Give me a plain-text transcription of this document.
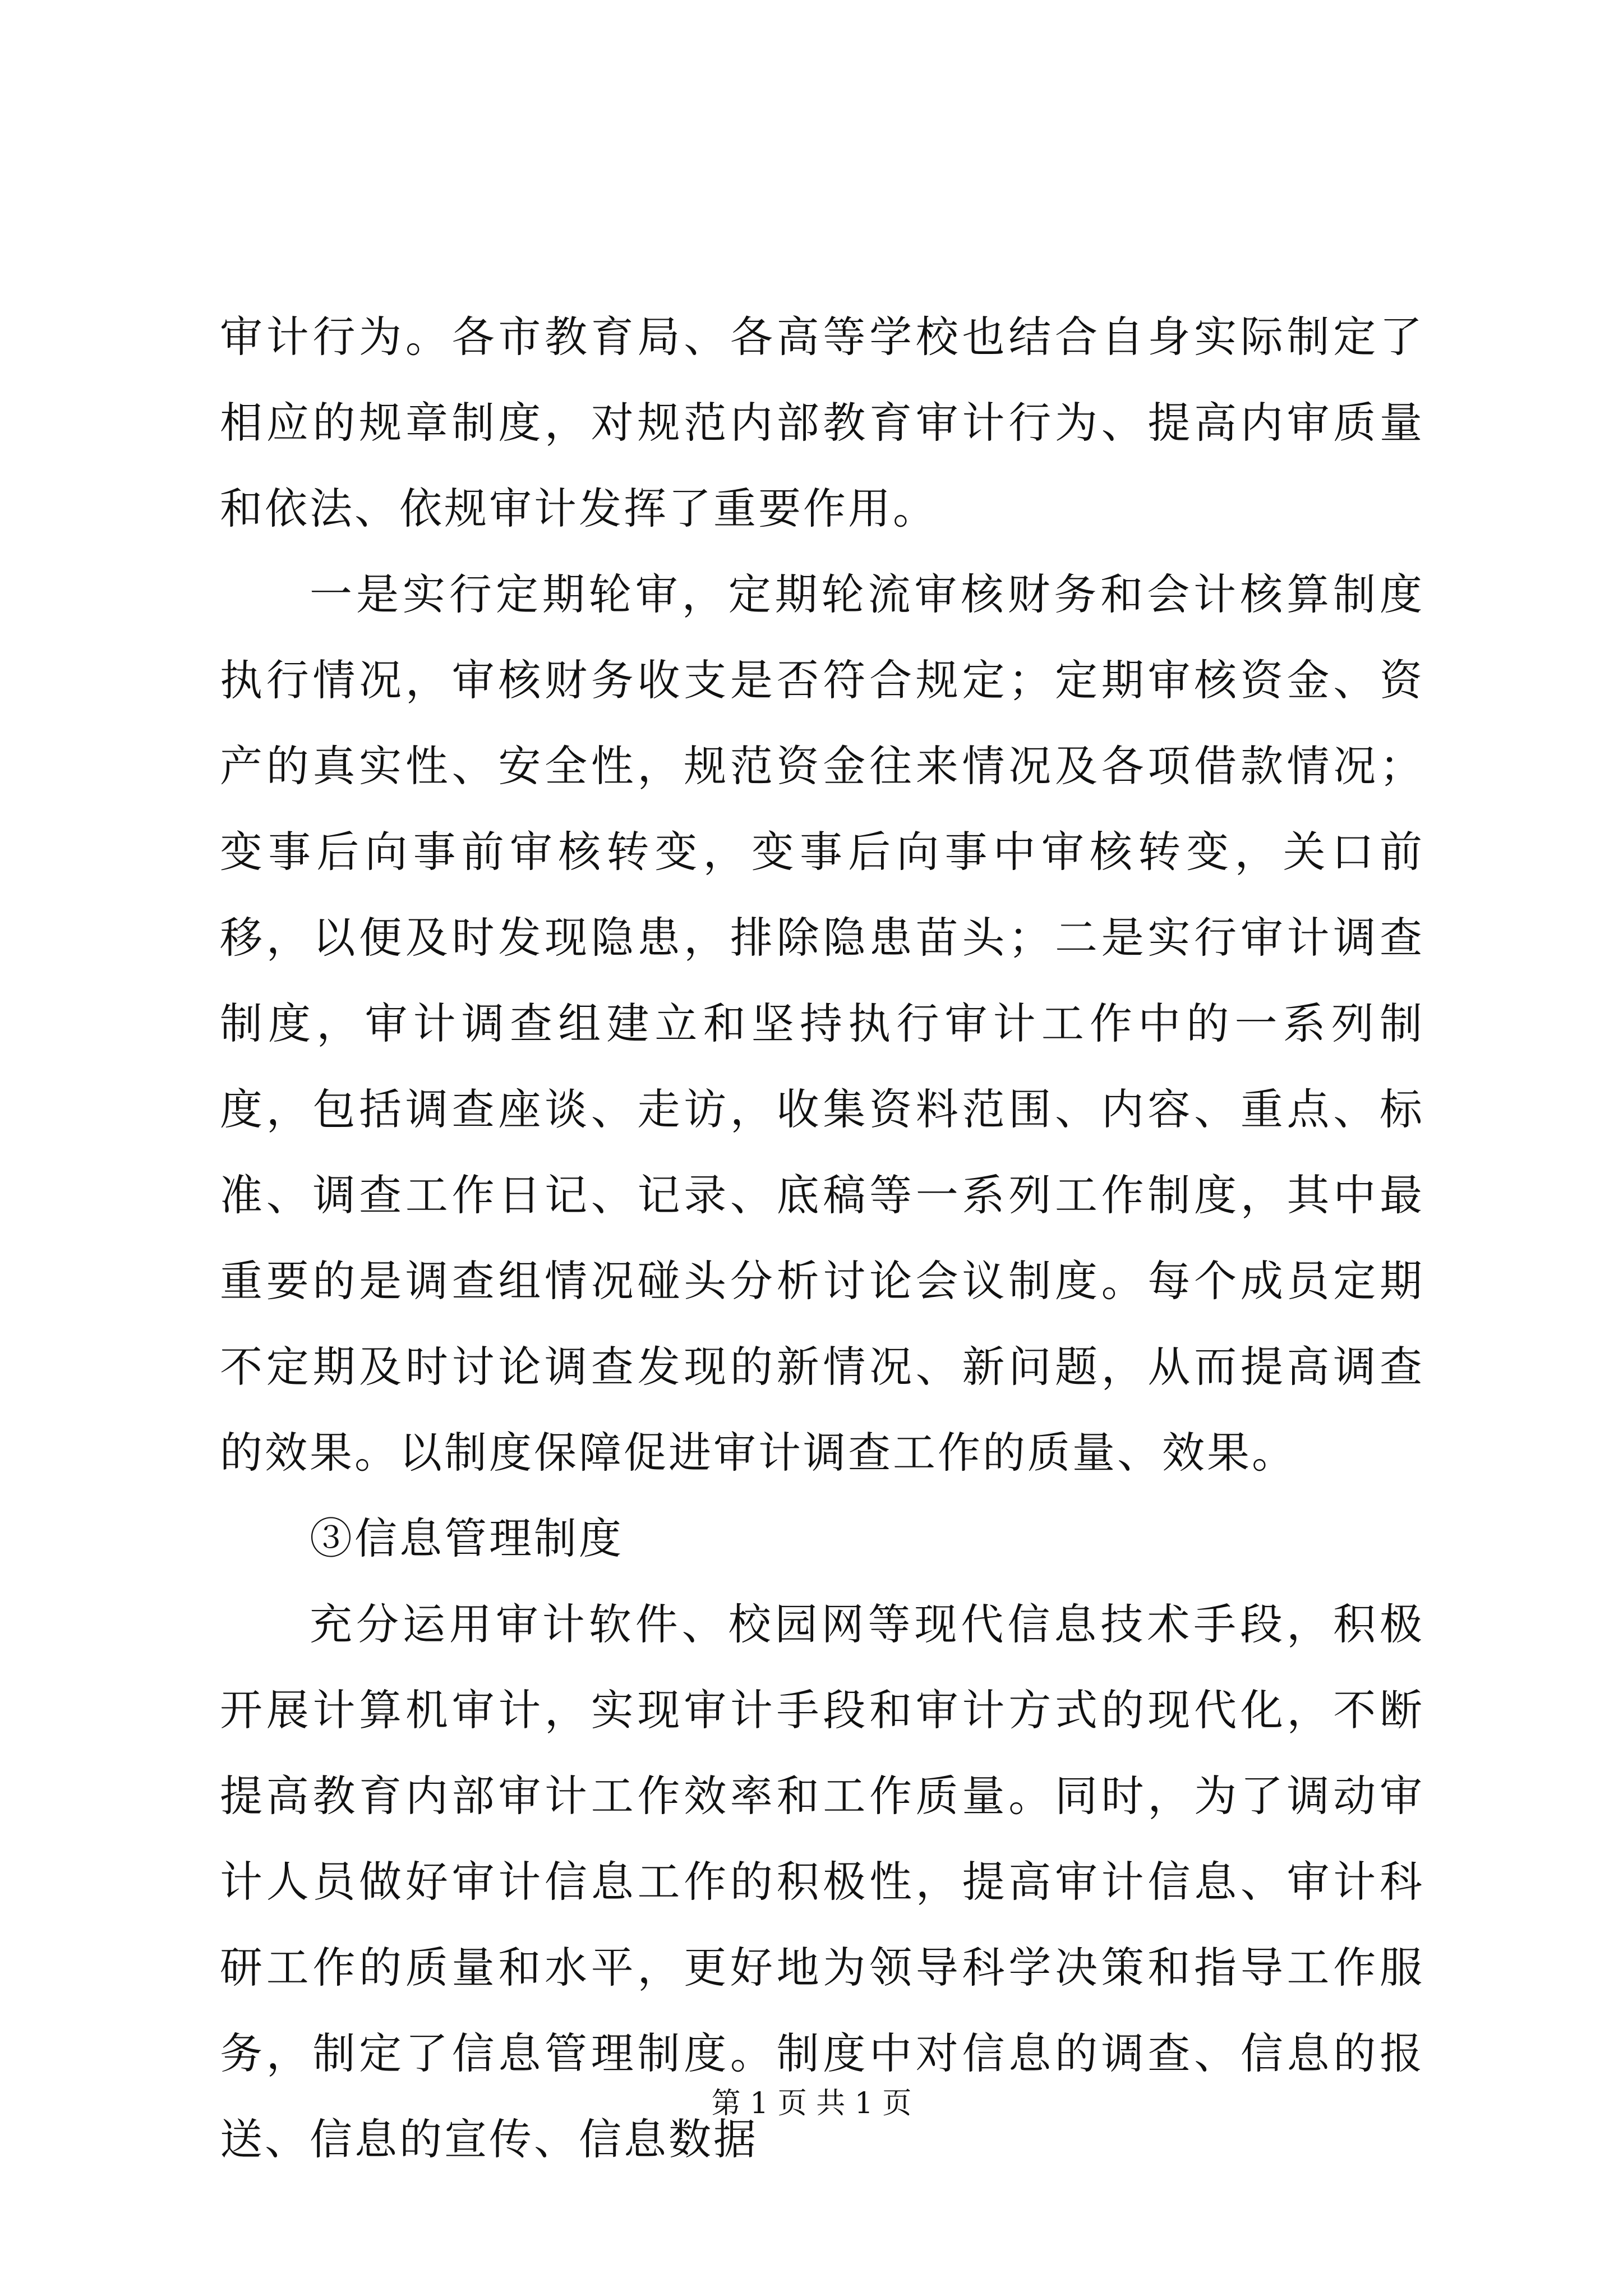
审计行为。各市教育局、各高等学校也结合自身实际制定了相应的规章制度，对规范内部教育审计行为、提高内审质量和依法、依规审计发挥了重要作用。

一是实行定期轮审，定期轮流审核财务和会计核算制度执行情况，审核财务收支是否符合规定；定期审核资金、资产的真实性、安全性，规范资金往来情况及各项借款情况；变事后向事前审核转变，变事后向事中审核转变，关口前移，以便及时发现隐患，排除隐患苗头；二是实行审计调查制度，审计调查组建立和坚持执行审计工作中的一系列制度，包括调查座谈、走访，收集资料范围、内容、重点、标准、调查工作日记、记录、底稿等一系列工作制度，其中最重要的是调查组情况碰头分析讨论会议制度。每个成员定期不定期及时讨论调查发现的新情况、新问题，从而提高调查的效果。以制度保障促进审计调查工作的质量、效果。

③信息管理制度

充分运用审计软件、校园网等现代信息技术手段，积极开展计算机审计，实现审计手段和审计方式的现代化，不断提高教育内部审计工作效率和工作质量。同时，为了调动审计人员做好审计信息工作的积极性，提高审计信息、审计科研工作的质量和水平，更好地为领导科学决策和指导工作服务，制定了信息管理制度。制度中对信息的调查、信息的报送、信息的宣传、信息数据

第 1 页 共 1 页
